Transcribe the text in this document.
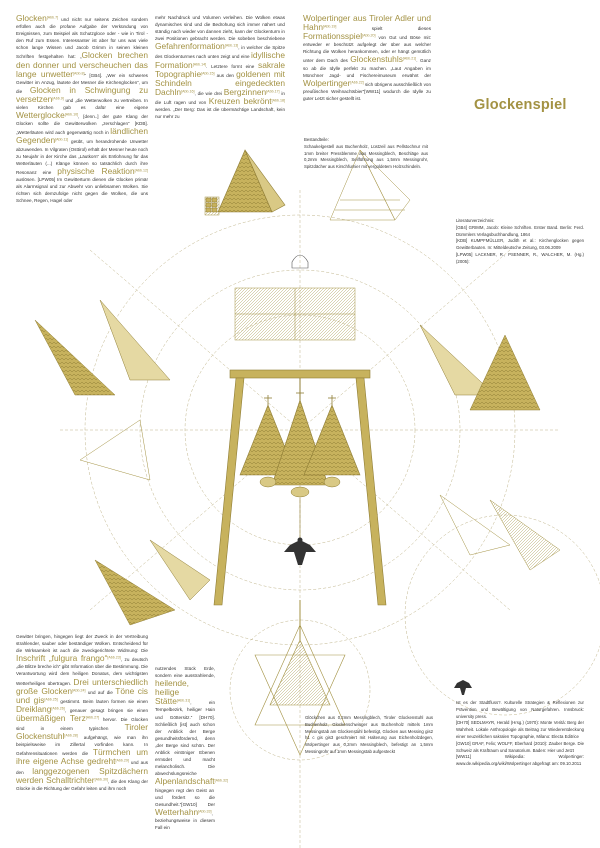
Glockenspiel

Glocken[Abb.7] und nicht nur seitens Zeichen sondern erfüllen auch die profane Aufgabe der Verkündung von Ereignissen, zum Beispiel als Schutzgloce oder - wie in Tirol - den Ruf zum Essen. Interessanter ist aber für uns was viele schon lange Wissen und Jacob Grimm in seinen kleinen Schriften festgehalten hat: „Glocken brechen den donner und verscheuchen das lange unwetter[Abb.8]“ [GB4]. „Wer ein schweres Gewitter im Anzug, läutete der Mesner die Kirchenglocken“, um die Glocken in Schwingung zu versetzen[Abb.9] und „die Wetterwolken zu vertreiben. In vielen Kirchen gab es dafür eine eigene Wetterglocke[Abb.10], [denn..] der gute Klang der Glocken sollte die Gewitterwolken „zerschlagen“ [KDB]. „Wetterläuten wird auch gegenwärtig noch in ländlichen Gegenden[Abb.11] geübt, um herandrohende Unwetter abzuwenden. In Vilgraten (Osttirol) erhält der Mesner heute noch zu Neujahr in der Kirche das „Läutkorn“ als Entlohnung für das Wetterläuten (...) Klänge können so tatsächlich durch ihre Resonanz eine physische Reaktion[Abb.12] auslösen. [LPW05] Im Gewitterturm dienen die Glocken primär als Alarmsignal und zur Abwehr von unliebsamen Wolken. Sie richten sich demzufolge nicht gegen die Wolken, die uns Schnee, Regen, Hagel oder

mehr Nachdruck und Volumen verleihen. Die Wolken etwas dynamisches sind und die Bedrohung sich immer nähert und ständig nach wieder von dannen zieht, kann der Glockenturm in zwei Positionen gebracht werden. Die sobeben beschriebene Gefahrenformation[Abb.13], in welcher die Spitze des Glockenturmes nach unten zeigt und eine idyllische Formation[Abb.14]. Letztere formt eine sakrale Topographie[Abb.15] aus den goldenen mit Schindeln eingedeckten Dachln[Abb.16], die wie drei Bergzinnen[Abb.17] in die Luft ragen und von Kreuzen bekrönt[Abb.18] werden. „Der Berg: Das ist die übermächtige Landschaft, kein nur mehr zu

Wolpertinger aus Tiroler Adler und Hahn[Abb.19] spielt dieses Formationsspiel[Abb.20] von Gut und Böse mit: entweder er beschützt aufgelegt der über aus welcher Richtung die Wolken herankommen, oder er hängt gemütlich unter dem Dach des Glockenstuhls[Abb.21]. Ganz so ab die Idylle perfekt zu machen. „Laut Angaben im Münchner Jagd- und Fischereimuseum erwähnt der Wolpertinger[Abb.22] sich übrigens ausschließlich von preußischen Weihnachtsbier“[WW11] wodurch die Idylle zu guter Letzt sicher gestellt ist.

Bestandteile:

Schaukelgestell aus Buchenholz, Lüstzeil aus Pellstochnur mit 1mm breiter Pressblemme aus Messingblech, Beschläge aus 0,2mm Messingblech, Seilführung aus 1,5mm Messingrohr, Spitzdächer aus Kirschfurnier mit vergoldetem Holzschindeln.

Literaturverzeichnis:

[GB4] GRIMM, Jacob: Kleine Schriften. Erster Band. Berlin: Ferd. Dümmlers Verlagsbuchhandlung, 1864

[KDB] KUMPFMÜLLER, Judith et al.: Kirchenglocken gegen Gewitterbauten. In: Mitteldeutsche Zeitung, 03.06.2009

[LPW05] LACKNER, R., PSENNER, R., WALCHER, M. (Hg.) (2005):

Gewitter bringen, hingegen liegt der Zweck in der Vertreibung strahlender, sauber oder beständiger Wolken. Entscheidend für die Wirksamkeit ist auch die zweckgerichtete Widmung: Die Inschrift „fulgura frango“[Abb.23], zu deutsch „die Blitze breche ich“ gibt Information über die Bestimmung. Die Verantwortung wird dem heiligen Donatus, dem wichtigsten Wetterheiligen übertragen. Drei unterschiedlich große Glocken[Abb.24] und auf die Töne cis und gis[Abb.25] gestimmt. Beim läuten formen sie einen Dreiklang[Abb.26], genauer gesagt bringen sie einen übermäßigen Terz[Abb.27] hervor. Die Glocken sind in einem typischen Tiroler Glockenstuhl[Abb.28] aufgehängt, wie man ihn beispielsweise im Zillertal vorfinden kann. In Gefahrensituationen werden die Türmchen um ihre eigene Achse gedreht[Abb.29] und aus den langgezogenen Spitzdächern werden Schalltrichter[Abb.30], die den Klang der Glocke in die Richtung der Gefahr leiten und ihm noch

nutzendes Stück Erde, sondern eine ausstrahlende, heilende, heilige Stätte[Abb.31], ein Tempelbezirk, heiliger Hain und Göttersitz.“ [DH70]. Schließlich [ist] auch schon der Anblick der Berge gesundheitsfördernd, denn „der Berge sind schön. Der Anblick eintöniger Ebenen ermüdet und macht melancholisch. Die abwechslungsreiche Alpenlandschaft[Abb.32] hingegen regt den Geist an und fördert so die Gesundheit.“[GW10] Der Wetterhahn[Abb.33], beziehungsweise in diesem Fall ein

Glöckchen aus 0,2mm Messingblech, Tiroler Glockenstuhl aus Buchenholz, Glockenschwinger aus Buchenholz mittels 1mm Messingstab am Glockenstuhl befestigt, Glocken aus Messing gis2 h1 c gis gis3 geschmiert mit Halterung aus Eichenholzdegen, Wolpertinger aus 0,2mm Messingblech, befestigt an 1,5mm Messingrohr auf 1mm Messingstab aufgesteckt

Ist es der Stadtfluss?. Kulturelle Strategien & Reflexionen zur Prävention und Bewältigung von Naturgefahren. Innsbruck: university press.

[DH70] SEDLMAYR, Herald (Hrsg.) (1970): Monte Verità: Berg der Wahrheit. Lokale Anthropologie als Beitrag zur Wiederentdeckung einer neuzeitlichen sakralen Topographie, Milano: Electa Editrice

[GW10] GRAF, Felix; WOLFF, Eberhard (2010): Zauber Berge. Die Schweiz als Kraftraum und Sanatorium. Baden: Hier und Jetzt

[WW11] Wikipedia: Wolpertinger: www.de.wikipedia.org/wiki/Wolpertinger abgefragt am: 09.10.2011
